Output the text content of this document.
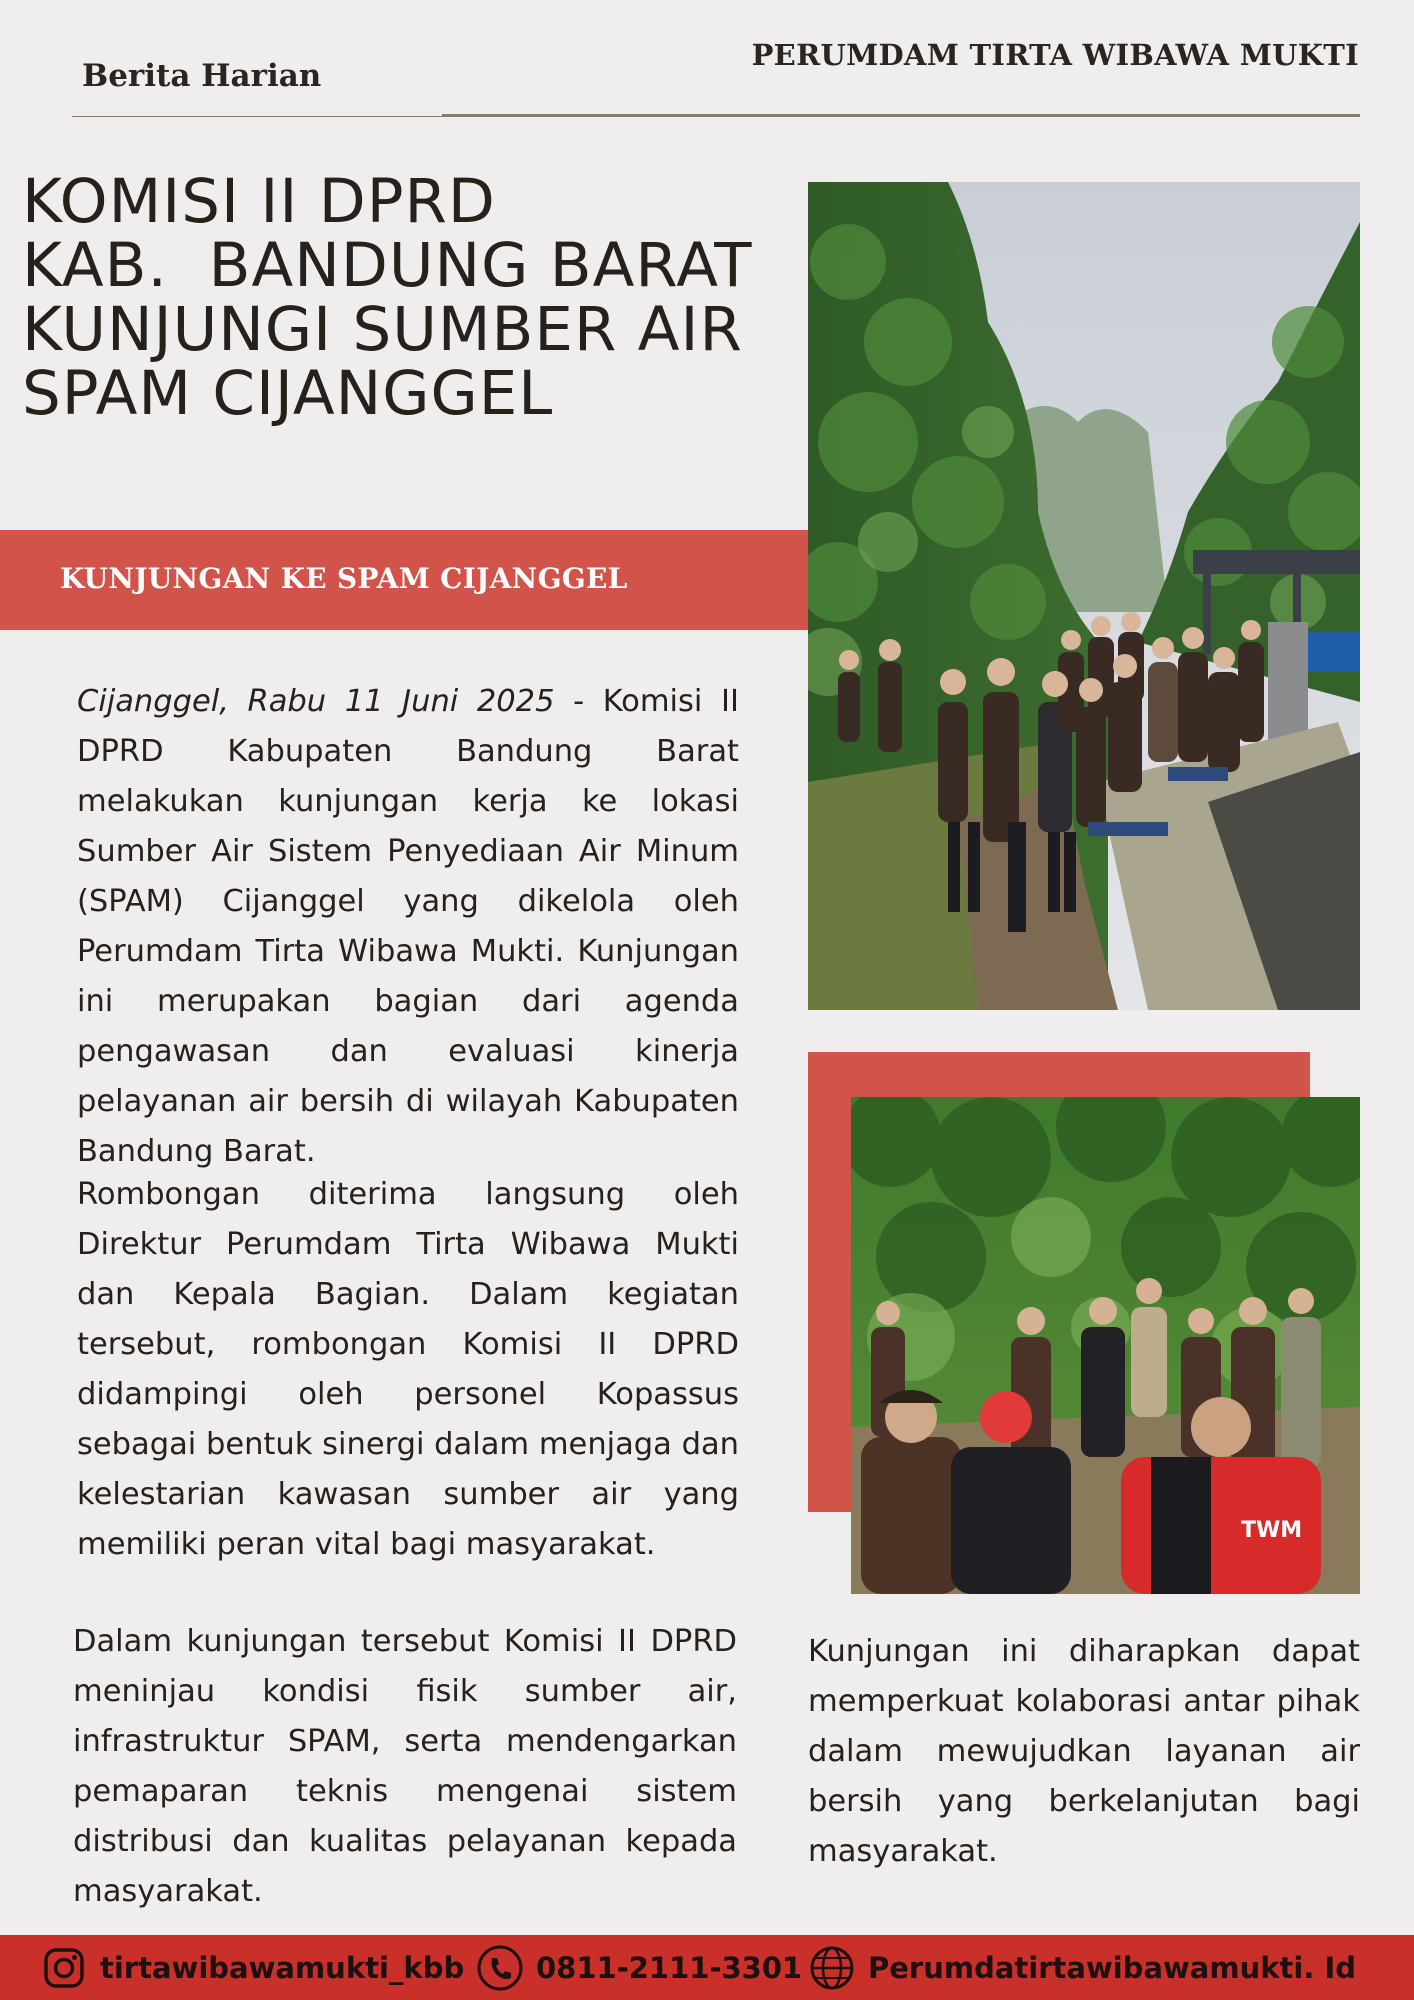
Berita Harian
PERUMDAM TIRTA WIBAWA MUKTI
KOMISI II DPRD
KAB.  BANDUNG BARAT
KUNJUNGI SUMBER AIR
SPAM CIJANGGEL
KUNJUNGAN KE SPAM CIJANGGEL

Cijanggel, Rabu 11 Juni 2025 - Komisi II DPRD Kabupaten Bandung Barat melakukan kunjungan kerja ke lokasi Sumber Air Sistem Penyediaan Air Minum (SPAM) Cijanggel yang dikelola oleh Perumdam Tirta Wibawa Mukti. Kunjungan ini merupakan bagian dari agenda pengawasan dan evaluasi kinerja pelayanan air bersih di wilayah Kabupaten Bandung Barat.

Rombongan diterima langsung oleh Direktur Perumdam Tirta Wibawa Mukti dan Kepala Bagian. Dalam kegiatan tersebut, rombongan Komisi II DPRD didampingi oleh personel Kopassus sebagai bentuk sinergi dalam menjaga dan kelestarian kawasan sumber air yang memiliki peran vital bagi masyarakat.

Dalam kunjungan tersebut Komisi II DPRD meninjau kondisi fisik sumber air, infrastruktur SPAM, serta mendengarkan pemaparan teknis mengenai sistem distribusi dan kualitas pelayanan kepada masyarakat.

Kunjungan ini diharapkan dapat memperkuat kolaborasi antar pihak dalam mewujudkan layanan air bersih yang berkelanjutan bagi masyarakat.

TWM
tirtawibawamukti_kbb 0811-2111-3301 Perumdatirtawibawamukti. Id
